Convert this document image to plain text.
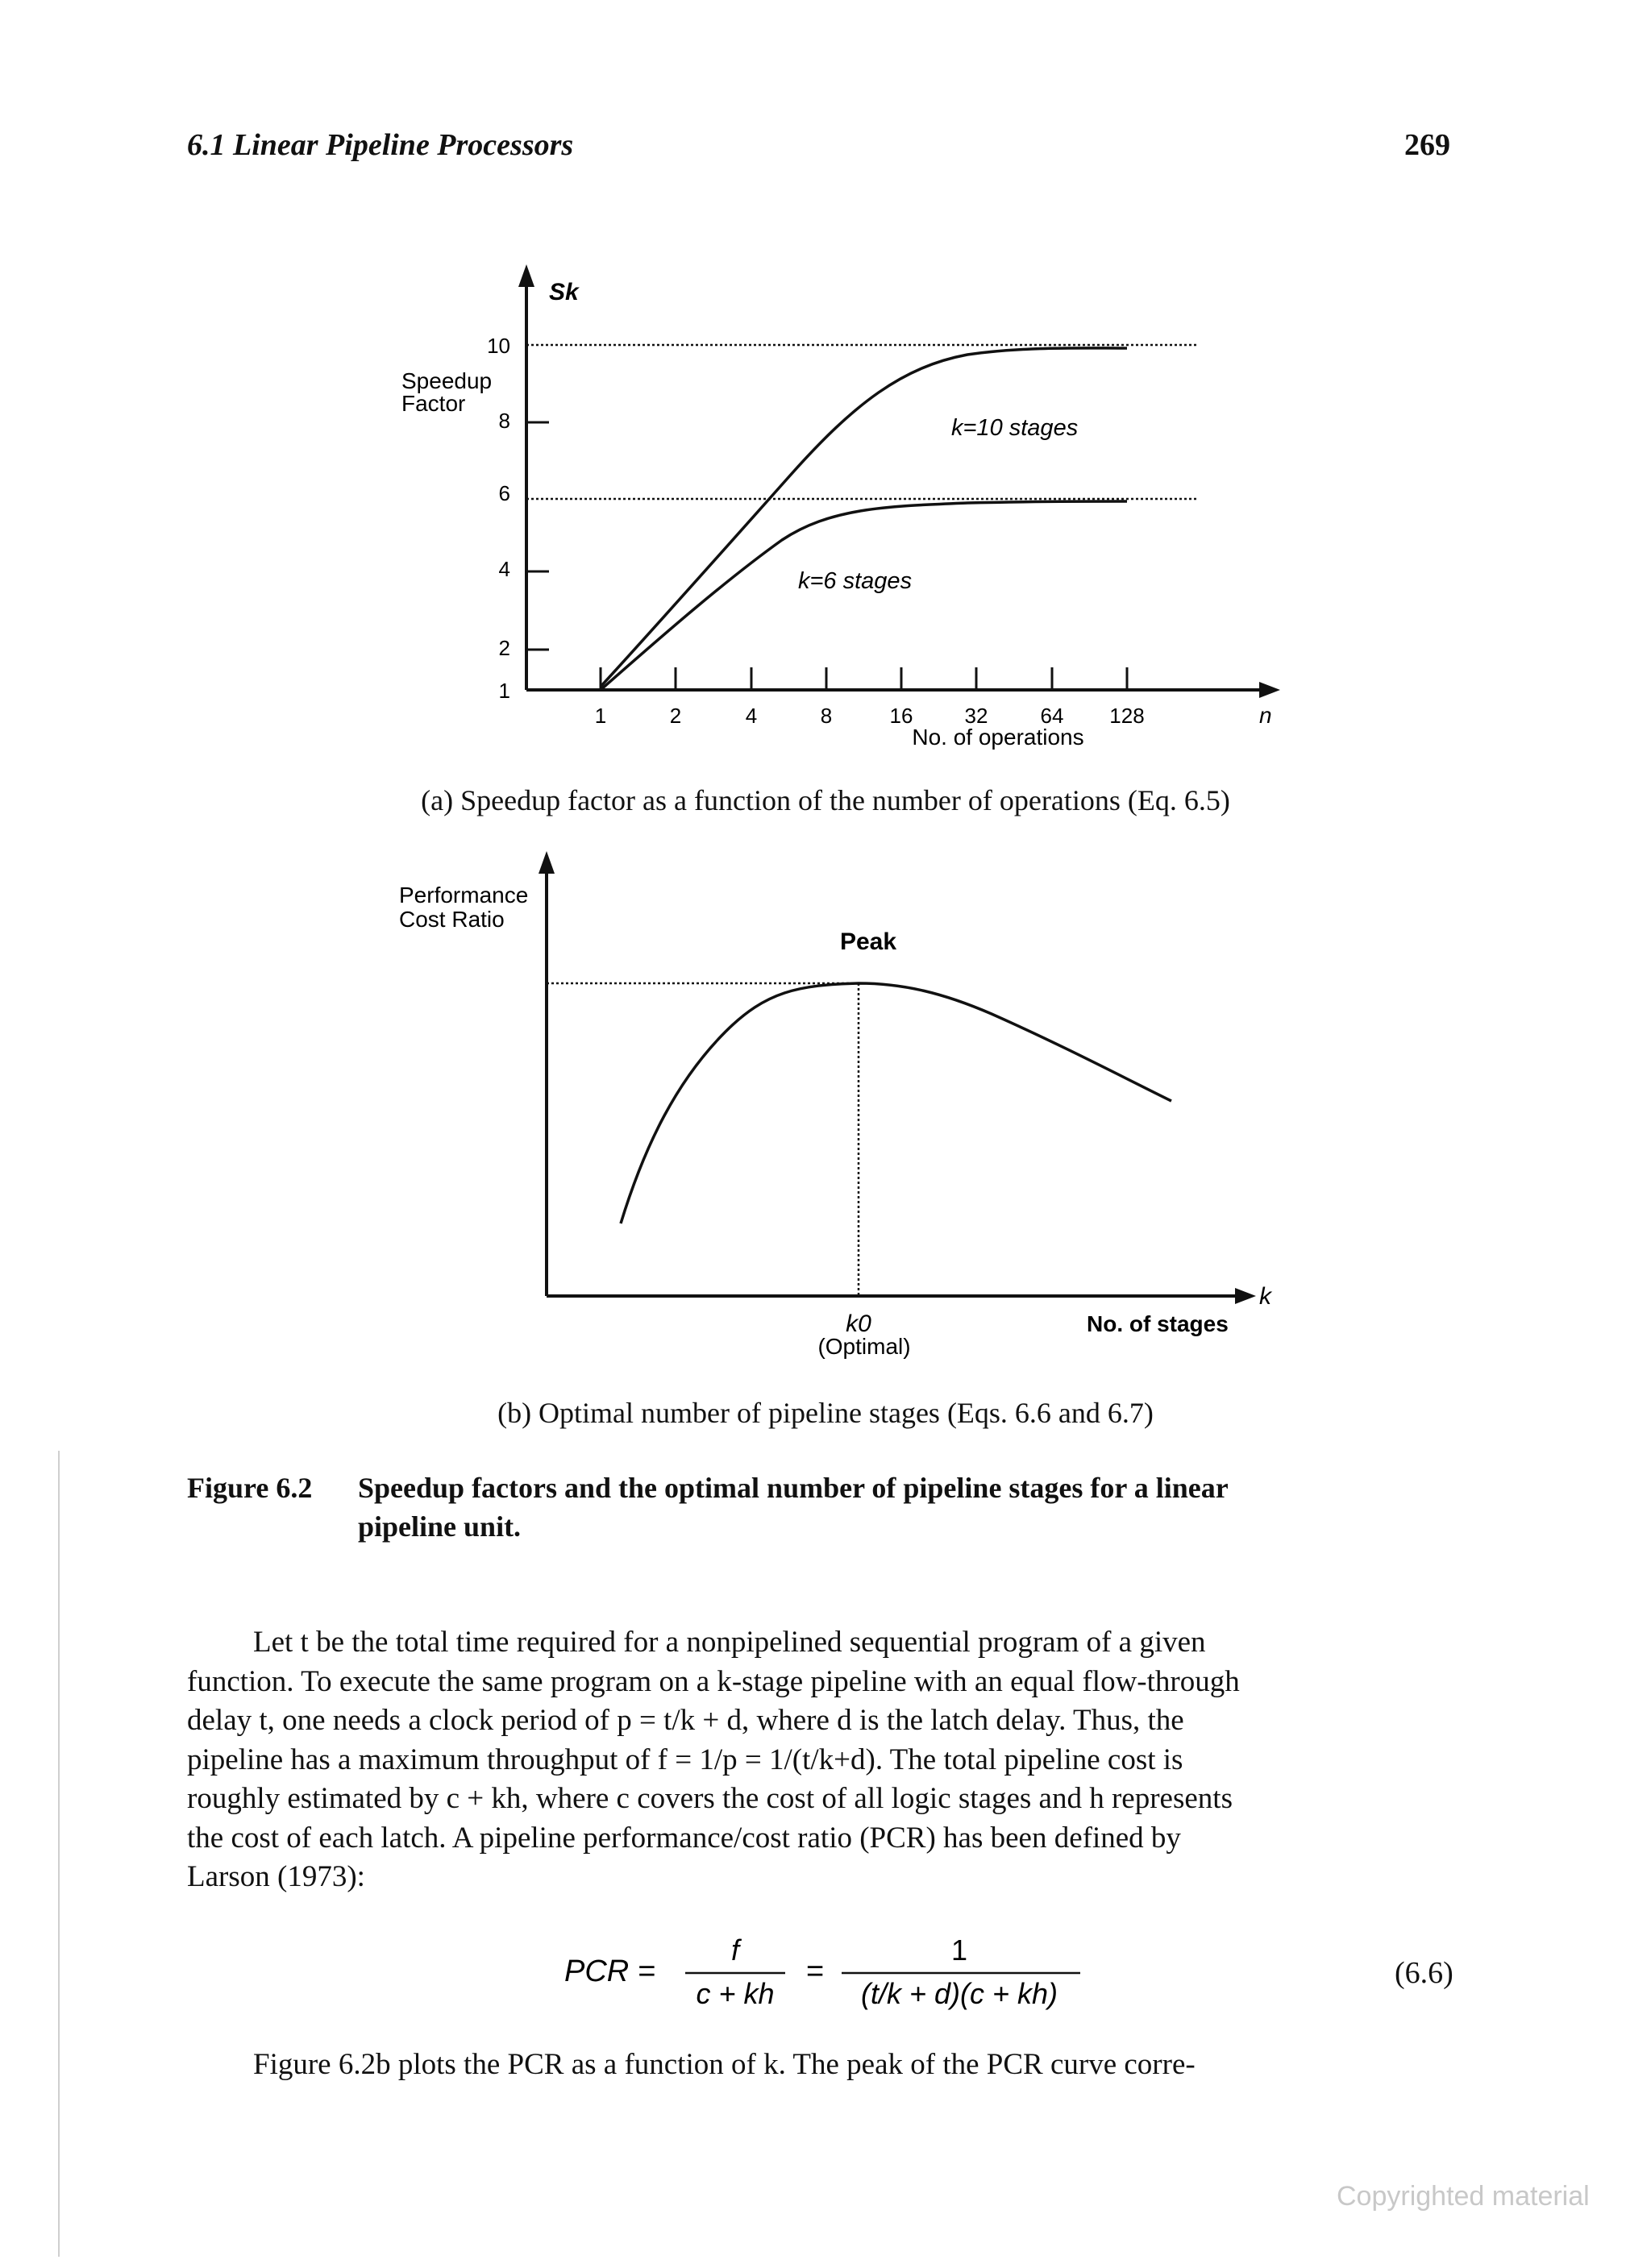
6.1 Linear Pipeline Processors	269
10
8
6
4
2
1
1	2	4	8	16 32	64 128
Sk
Speedup
Factor
k=10 stages
k=6 stages
No. of operations
n
(a) Speedup factor as a function of the number of operations (Eq. 6.5)
Performance
Cost Ratio
Peak
k0
(Optimal)
No. of stages
k
(b) Optimal number of pipeline stages (Eqs. 6.6 and 6.7)
Figure 6.2 Speedup factors and the optimal number of pipeline stages for a linear
pipeline unit.
Let t be the total time required for a nonpipelined sequential program of a given
function. To execute the same program on a k-stage pipeline with an equal flow-through
delay t, one needs a clock period of p = t/k + d, where d is the latch delay. Thus, the
pipeline has a maximum throughput of f = 1/p = 1/(t/k+d). The total pipeline cost is
roughly estimated by c + kh, where c covers the cost of all logic stages and h represents
the cost of each latch. A pipeline performance/cost ratio (PCR) has been defined by
Larson (1973):
PCR =
f
c + kh
=
1
(t/k + d)(c + kh)
(6.6)
Figure 6.2b plots the PCR as a function of k. The peak of the PCR curve corre-
Copyrighted material
